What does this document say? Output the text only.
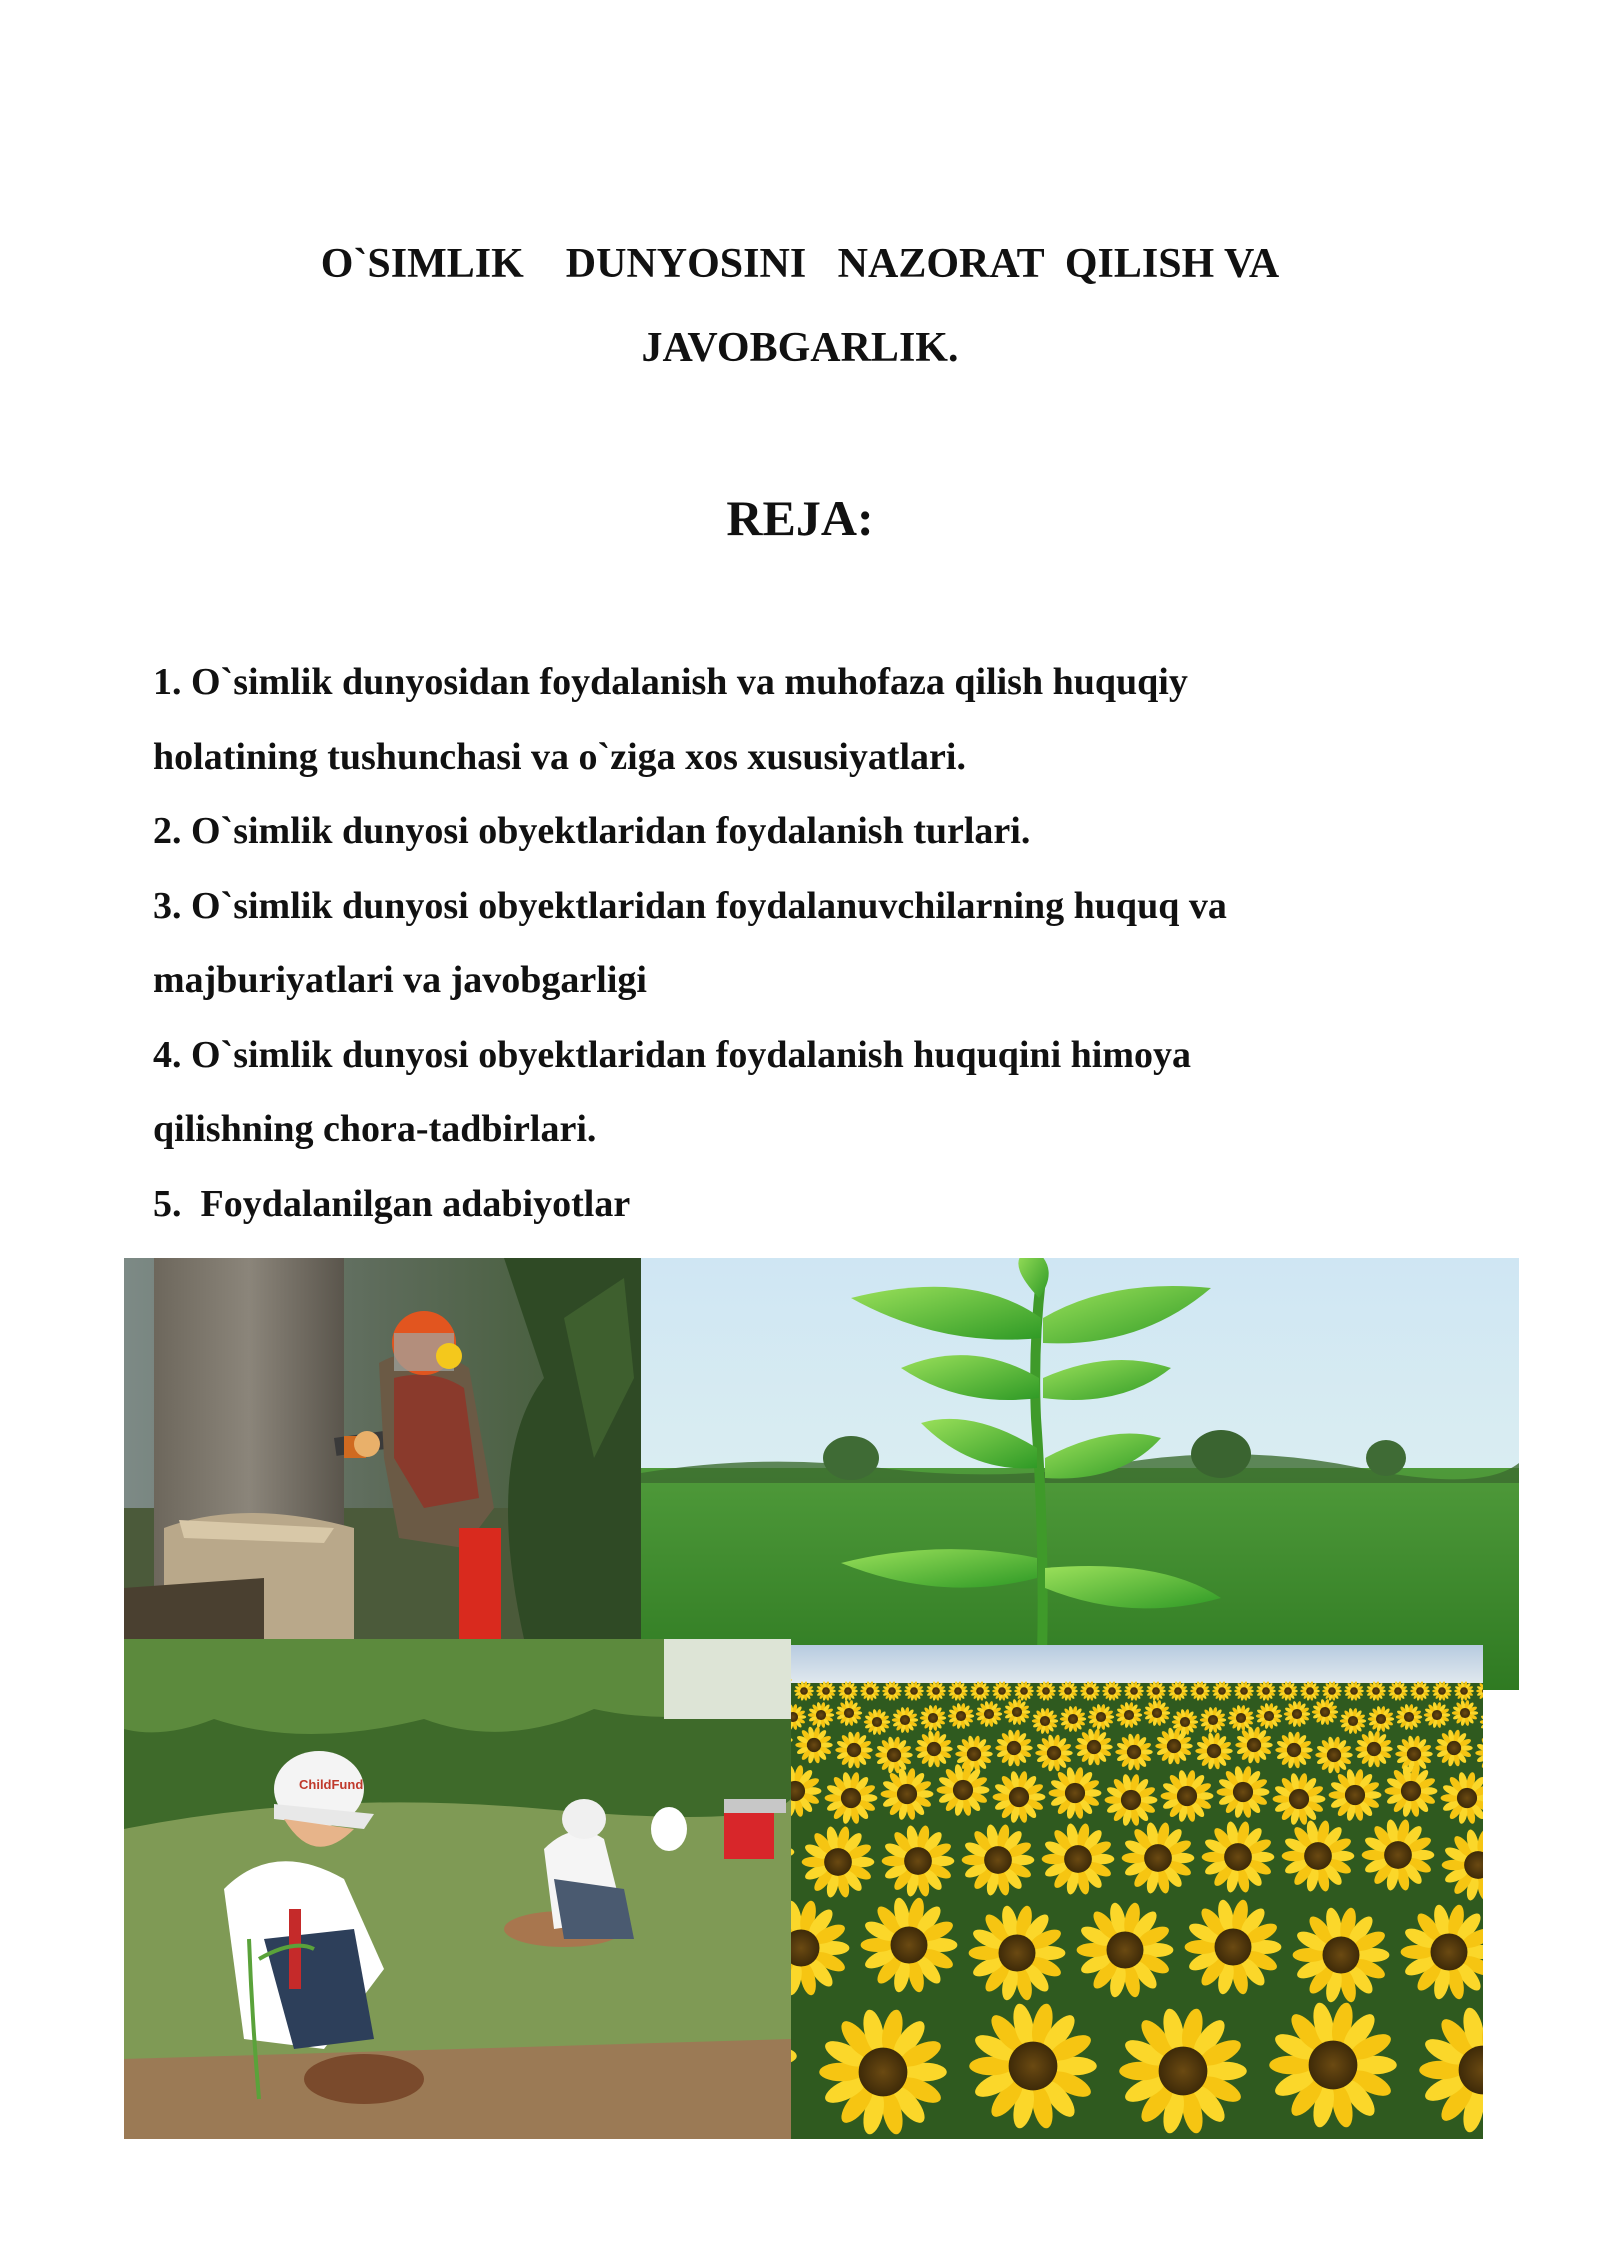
O`SIMLIK    DUNYOSINI   NAZORAT  QILISH VA
JAVOBGARLIK.
REJA:
1. O`simlik dunyosidan foydalanish va muhofaza qilish huquqiy
holatining tushunchasi va o`ziga xos xususiyatlari.
2. O`simlik dunyosi obyektlaridan foydalanish turlari.
3. O`simlik dunyosi obyektlaridan foydalanuvchilarning huquq va
majburiyatlari va javobgarligi
4. O`simlik dunyosi obyektlaridan foydalanish huquqini himoya
qilishning chora-tadbirlari.
5.  Foydalanilgan adabiyotlar
ChildFund
